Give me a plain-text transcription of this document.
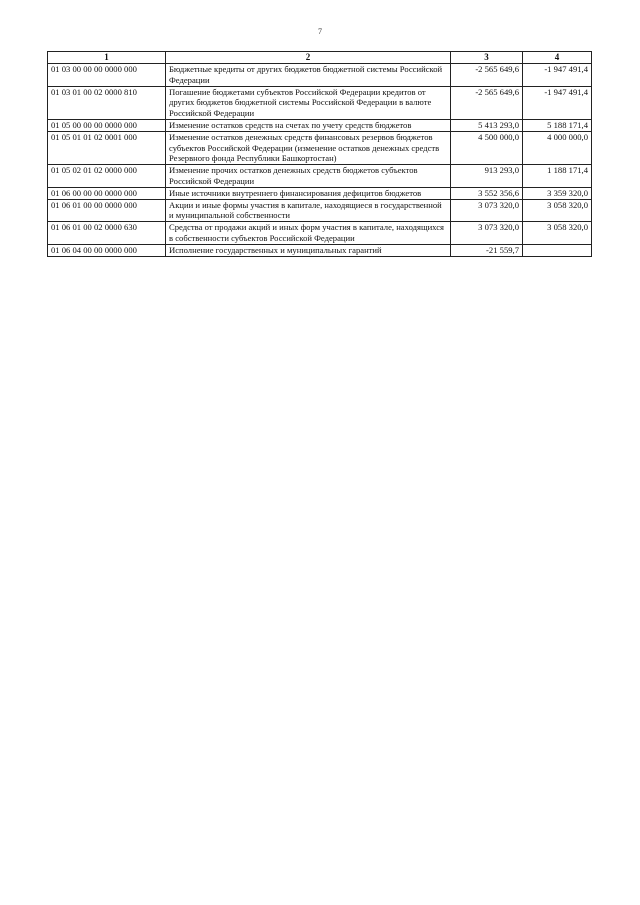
7
1	2	3	4
01 03 00 00 00 0000 000	Бюджетные кредиты от других бюджетов бюджетной системы Российской Федерации	-2 565 649,6	-1 947 491,4
01 03 01 00 02 0000 810	Погашение бюджетами субъектов Российской Федерации кредитов от других бюджетов бюджетной системы Российской Федерации в валюте Российской Федерации	-2 565 649,6	-1 947 491,4
01 05 00 00 00 0000 000	Изменение остатков средств на счетах по учету средств бюджетов	5 413 293,0	5 188 171,4
01 05 01 01 02 0001 000	Изменение остатков денежных средств финансовых резервов бюджетов субъектов Российской Федерации (изменение остатков денежных средств Резервного фонда Республики Башкортостан)	4 500 000,0	4 000 000,0
01 05 02 01 02 0000 000	Изменение прочих остатков денежных средств бюджетов субъектов Российской Федерации	913 293,0	1 188 171,4
01 06 00 00 00 0000 000	Иные источники внутреннего финансирования дефицитов бюджетов	3 552 356,6	3 359 320,0
01 06 01 00 00 0000 000	Акции и иные формы участия в капитале, находящиеся в государственной и муниципальной собственности	3 073 320,0	3 058 320,0
01 06 01 00 02 0000 630	Средства от продажи акций и иных форм участия в капитале, находящихся в собственности субъектов Российской Федерации	3 073 320,0	3 058 320,0
01 06 04 00 00 0000 000	Исполнение государственных и муниципальных гарантий	-21 559,7	
